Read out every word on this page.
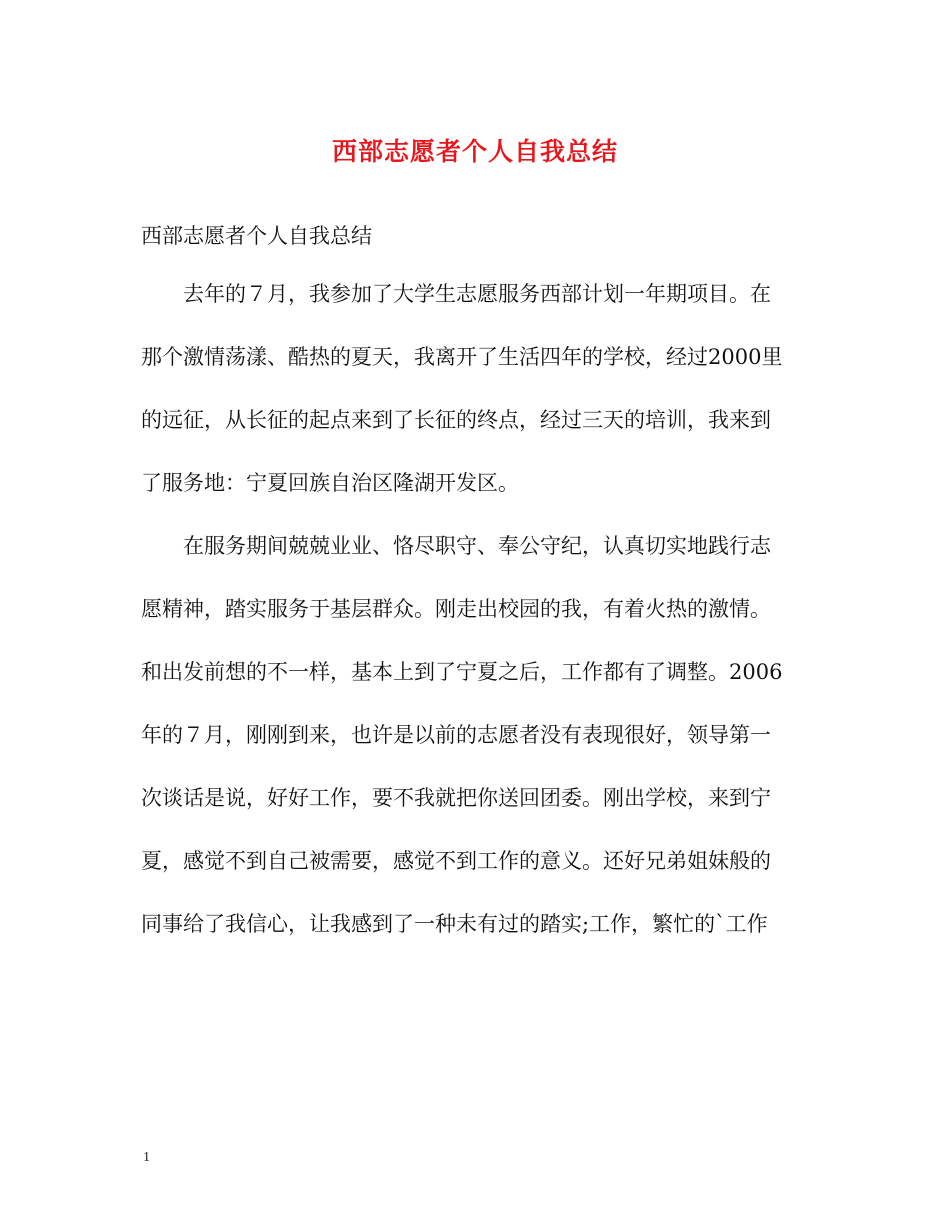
西部志愿者个人自我总结
西部志愿者个人自我总结
去年的７月，我参加了大学生志愿服务西部计划一年期项目。在
那个激情荡漾、酷热的夏天，我离开了生活四年的学校，经过2000里
的远征，从长征的起点来到了长征的终点，经过三天的培训，我来到
了服务地：宁夏回族自治区隆湖开发区。
在服务期间兢兢业业、恪尽职守、奉公守纪，认真切实地践行志
愿精神，踏实服务于基层群众。刚走出校园的我，有着火热的激情。
和出发前想的不一样，基本上到了宁夏之后，工作都有了调整。2006
年的７月，刚刚到来，也许是以前的志愿者没有表现很好，领导第一
次谈话是说，好好工作，要不我就把你送回团委。刚出学校，来到宁
夏，感觉不到自己被需要，感觉不到工作的意义。还好兄弟姐妹般的
同事给了我信心，让我感到了一种未有过的踏实;工作，繁忙的`工作
1
